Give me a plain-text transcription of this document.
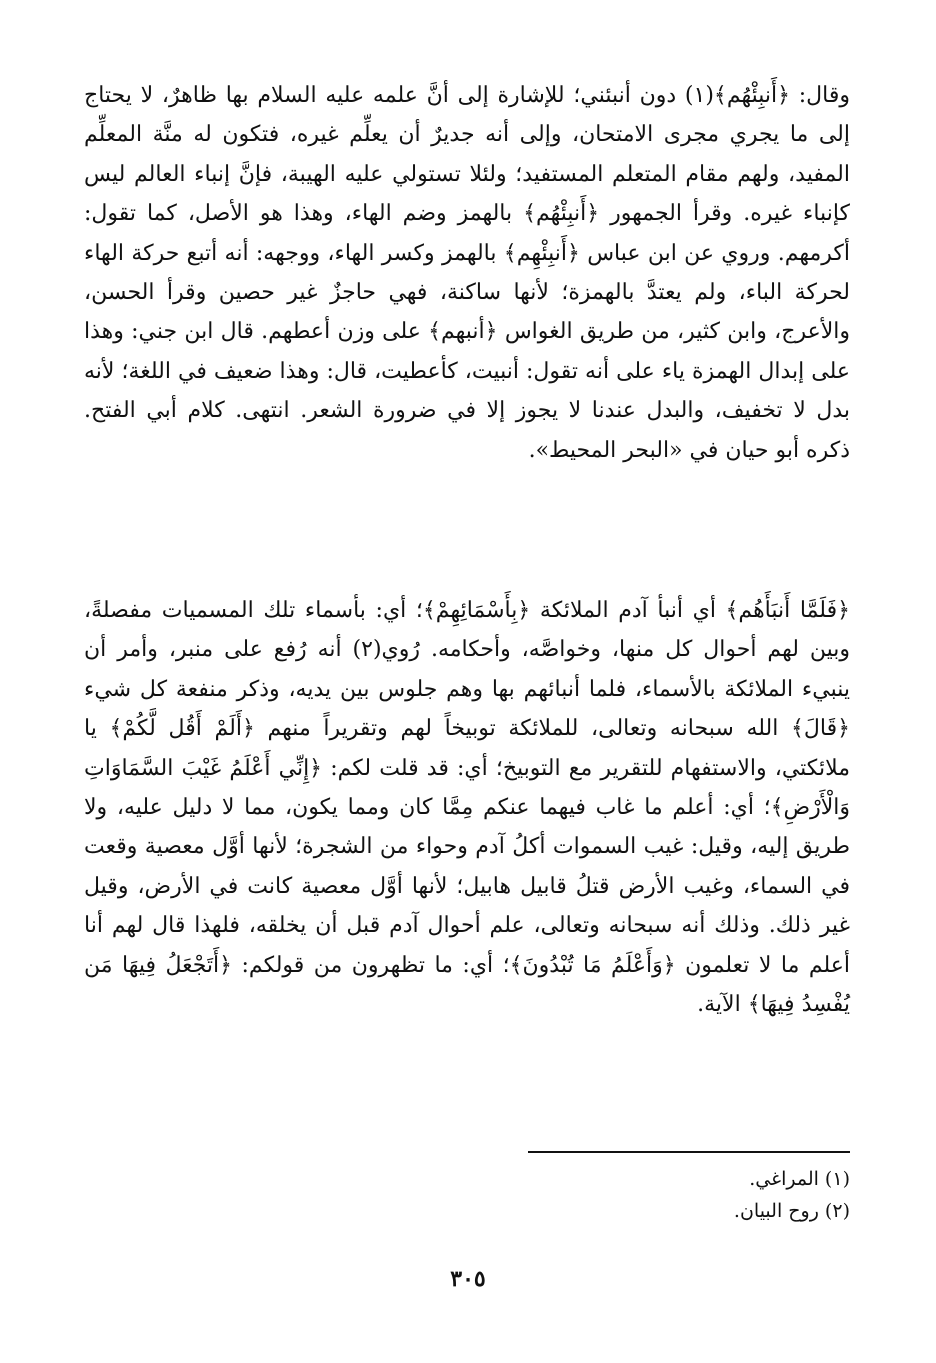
وقال: ﴿أَنبِئْهُم﴾(١) دون أنبئني؛ للإشارة إلى أنَّ علمه عليه السلام بها ظاهرٌ، لا يحتاج إلى ما يجري مجرى الامتحان، وإلى أنه جديرٌ أن يعلِّم غيره، فتكون له منَّة المعلِّم المفيد، ولهم مقام المتعلم المستفيد؛ ولئلا تستولي عليه الهيبة، فإنَّ إنباء العالم ليس كإنباء غيره. وقرأ الجمهور ﴿أَنبِئْهُم﴾ بالهمز وضم الهاء، وهذا هو الأصل، كما تقول: أكرمهم. وروي عن ابن عباس ﴿أَنبِئْهِم﴾ بالهمز وكسر الهاء، ووجهه: أنه أتبع حركة الهاء لحركة الباء، ولم يعتدَّ بالهمزة؛ لأنها ساكنة، فهي حاجزٌ غير حصين وقرأ الحسن، والأعرج، وابن كثير، من طريق الغواس ﴿أنبهم﴾ على وزن أعطهم. قال ابن جني: وهذا على إبدال الهمزة ياء على أنه تقول: أنبيت، كأعطيت، قال: وهذا ضعيف في اللغة؛ لأنه بدل لا تخفيف، والبدل عندنا لا يجوز إلا في ضرورة الشعر. انتهى. كلام أبي الفتح. ذكره أبو حيان في «البحر المحيط».

﴿فَلَمَّا أَنبَأَهُم﴾ أي أنبأ آدم الملائكة ﴿بِأَسْمَائِهِمْ﴾؛ أي: بأسماء تلك المسميات مفصلةً، وبين لهم أحوال كل منها، وخواصَّه، وأحكامه. رُوي(٢) أنه رُفع على منبر، وأمر أن ينبيء الملائكة بالأسماء، فلما أنبائهم بها وهم جلوس بين يديه، وذكر منفعة كل شيء ﴿قَالَ﴾ الله سبحانه وتعالى، للملائكة توبيخاً لهم وتقريراً منهم ﴿أَلَمْ أَقُل لَّكُمْ﴾ يا ملائكتي، والاستفهام للتقرير مع التوبيخ؛ أي: قد قلت لكم: ﴿إِنِّي أَعْلَمُ غَيْبَ السَّمَاوَاتِ وَالْأَرْضِ﴾؛ أي: أعلم ما غاب فيهما عنكم مِمَّا كان ومما يكون، مما لا دليل عليه، ولا طريق إليه، وقيل: غيب السموات أكلُ آدم وحواء من الشجرة؛ لأنها أوَّل معصية وقعت في السماء، وغيب الأرض قتلُ قابيل هابيل؛ لأنها أوَّل معصية كانت في الأرض، وقيل غير ذلك. وذلك أنه سبحانه وتعالى، علم أحوال آدم قبل أن يخلقه، فلهذا قال لهم أنا أعلم ما لا تعلمون ﴿وَأَعْلَمُ مَا تُبْدُونَ﴾؛ أي: ما تظهرون من قولكم: ﴿أَتَجْعَلُ فِيهَا مَن يُفْسِدُ فِيهَا﴾ الآية.

(١) المراغي.
(٢) روح البيان.
٣٠٥
